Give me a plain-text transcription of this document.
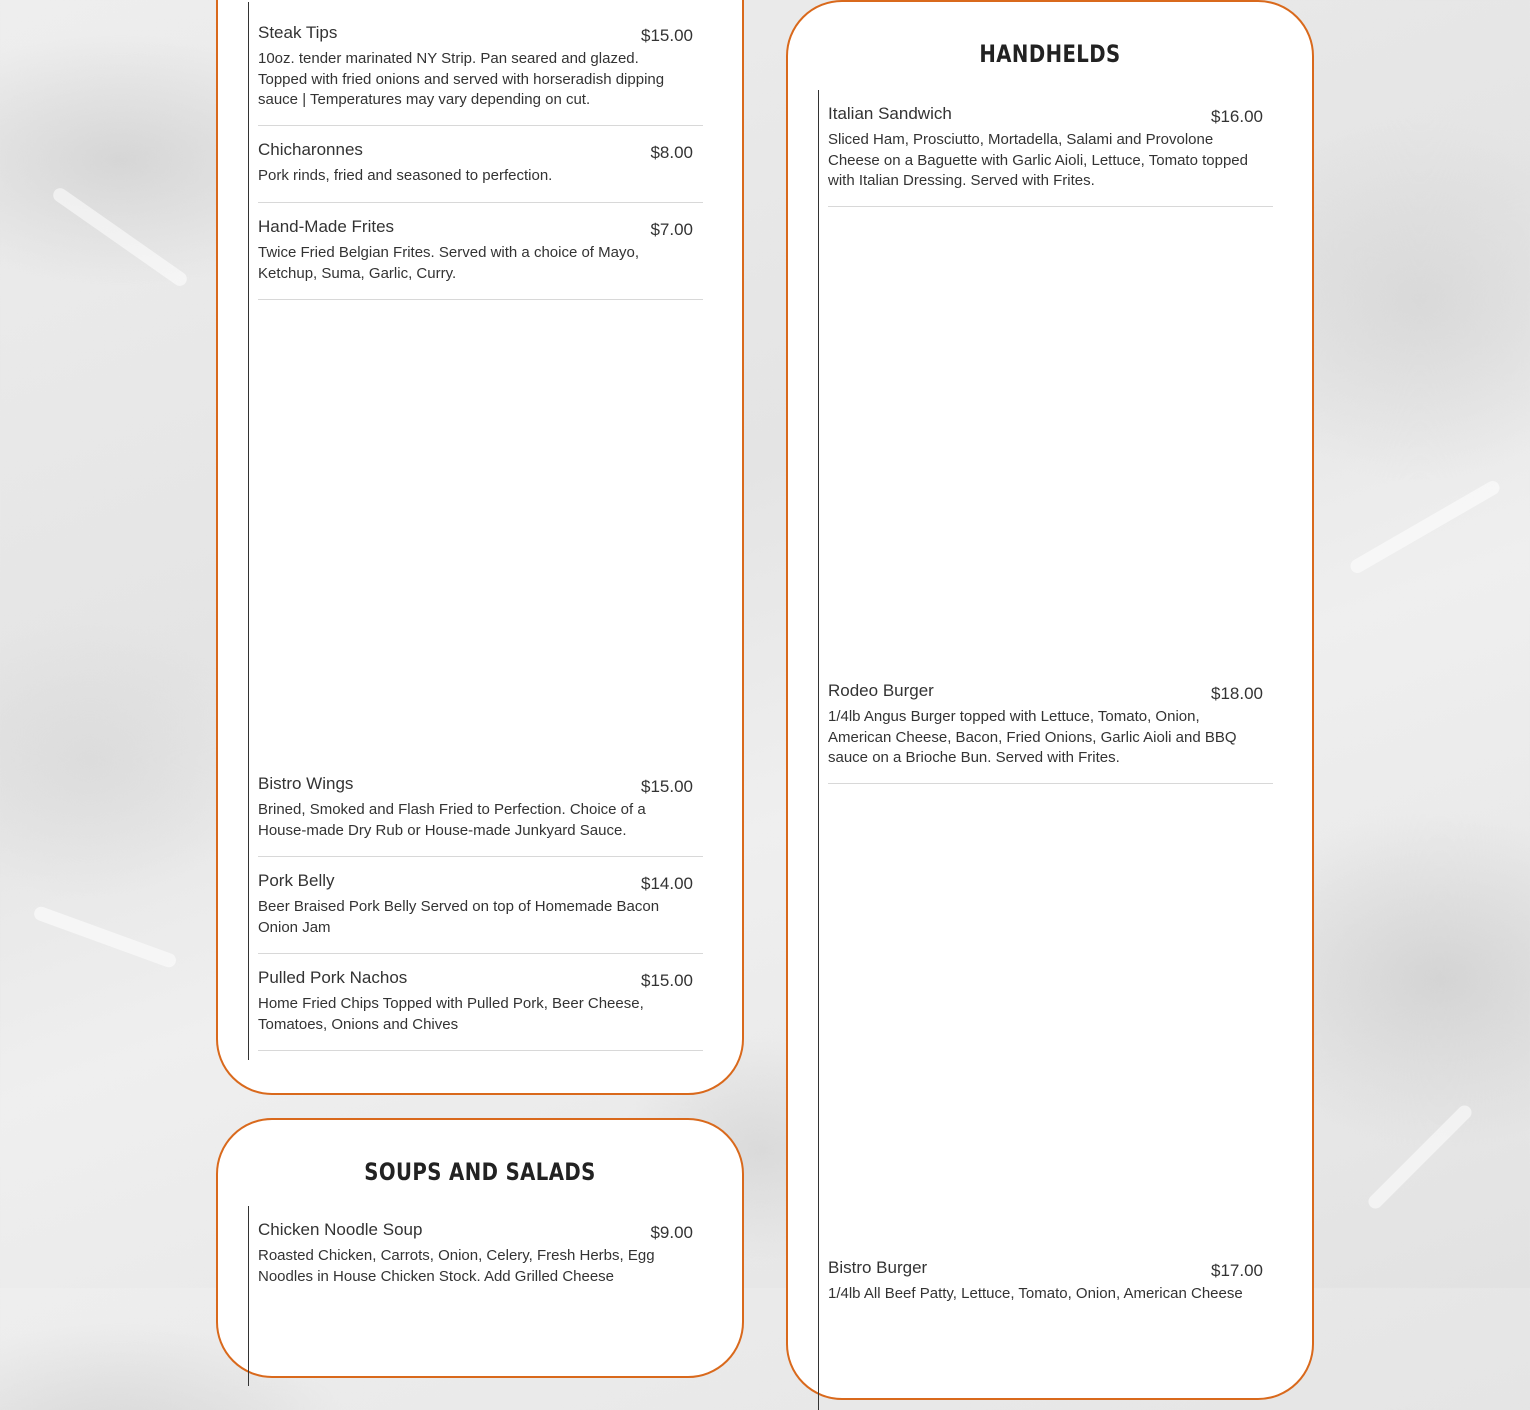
Steak Tips	$15.00
10oz. tender marinated NY Strip. Pan seared and glazed. Topped with fried onions and served with horseradish dipping sauce | Temperatures may vary depending on cut.
Chicharonnes	$8.00
Pork rinds, fried and seasoned to perfection.
Hand-Made Frites	$7.00
Twice Fried Belgian Frites. Served with a choice of Mayo, Ketchup, Suma, Garlic, Curry.
Bistro Wings	$15.00
Brined, Smoked and Flash Fried to Perfection. Choice of a House-made Dry Rub or House-made Junkyard Sauce.
Pork Belly	$14.00
Beer Braised Pork Belly Served on top of Homemade Bacon Onion Jam
Pulled Pork Nachos	$15.00
Home Fried Chips Topped with Pulled Pork, Beer Cheese, Tomatoes, Onions and Chives
SOUPS AND SALADS
Chicken Noodle Soup	$9.00
Roasted Chicken, Carrots, Onion, Celery, Fresh Herbs, Egg Noodles in House Chicken Stock. Add Grilled Cheese
HANDHELDS
Italian Sandwich	$16.00
Sliced Ham, Prosciutto, Mortadella, Salami and Provolone Cheese on a Baguette with Garlic Aioli, Lettuce, Tomato topped with Italian Dressing. Served with Frites.
Rodeo Burger	$18.00
1/4lb Angus Burger topped with Lettuce, Tomato, Onion, American Cheese, Bacon, Fried Onions, Garlic Aioli and BBQ sauce on a Brioche Bun. Served with Frites.
Bistro Burger	$17.00
1/4lb All Beef Patty, Lettuce, Tomato, Onion, American Cheese
